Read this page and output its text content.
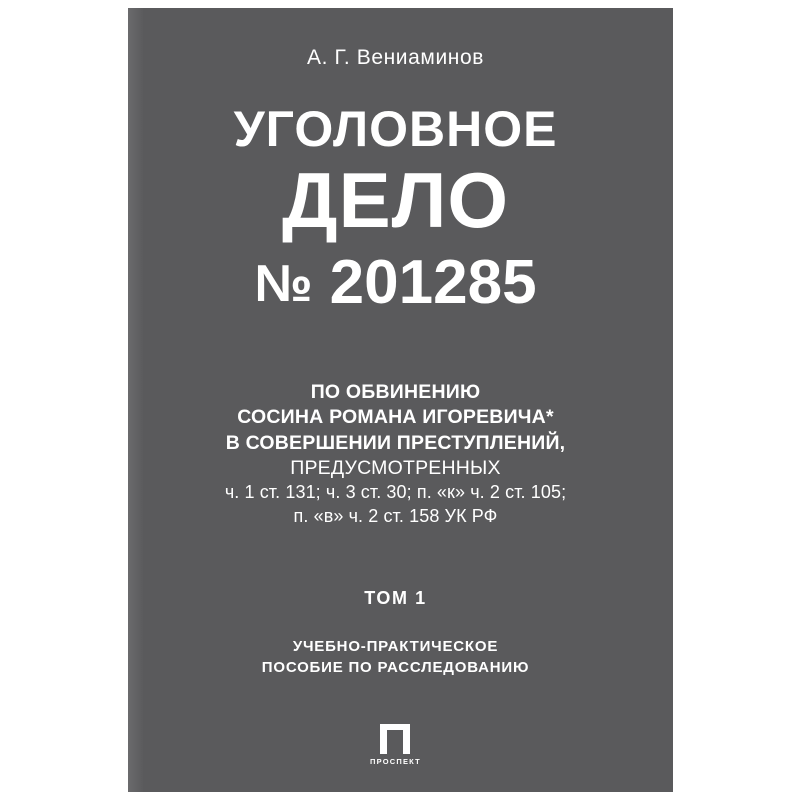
А. Г. Вениаминов
УГОЛОВНОЕ
ДЕЛО
№ 201285
ПО ОБВИНЕНИЮ
СОСИНА РОМАНА ИГОРЕВИЧА*
В СОВЕРШЕНИИ ПРЕСТУПЛЕНИЙ,
ПРЕДУСМОТРЕННЫХ
ч. 1 ст. 131; ч. 3 ст. 30; п. «к» ч. 2 ст. 105;
п. «в» ч. 2 ст. 158 УК РФ
ТОМ 1
УЧЕБНО-ПРАКТИЧЕСКОЕ
ПОСОБИЕ ПО РАССЛЕДОВАНИЮ
ПРОСПЕКТ
